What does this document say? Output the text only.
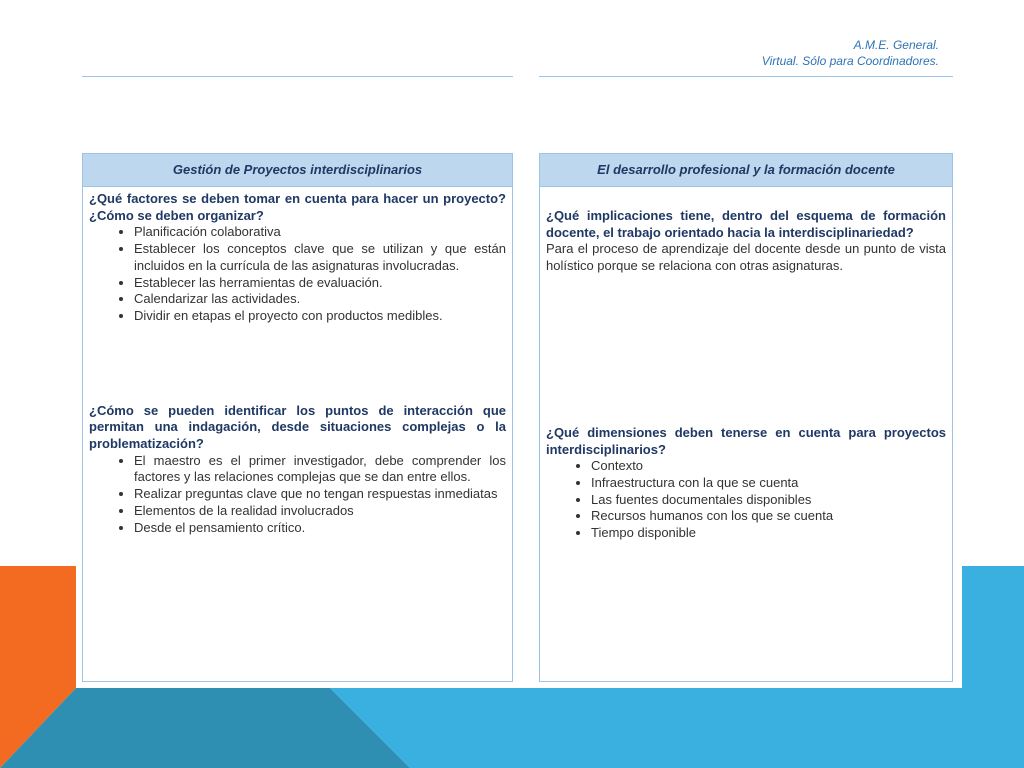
A.M.E. General.
Virtual. Sólo para Coordinadores.
Gestión de Proyectos interdisciplinarios

¿Qué factores se deben tomar en cuenta para hacer un proyecto? ¿Cómo se deben organizar?

• Planificación colaborativa
• Establecer los conceptos clave que se utilizan y que están incluidos en la currícula de las asignaturas involucradas.
• Establecer las herramientas de evaluación.
• Calendarizar las actividades.
• Dividir en etapas el proyecto con productos medibles.

¿Cómo se pueden identificar los puntos de interacción que permitan una indagación, desde situaciones complejas o la problematización?

• El maestro es el primer investigador, debe comprender los factores y las relaciones complejas que se dan entre ellos.
• Realizar preguntas clave que no tengan respuestas inmediatas
• Elementos de la realidad involucrados
• Desde el pensamiento crítico.
El desarrollo profesional y la formación docente

¿Qué implicaciones tiene, dentro del esquema de formación docente, el trabajo orientado hacia la interdisciplinariedad?

Para el proceso de aprendizaje del docente desde un punto de vista holístico porque se relaciona con otras asignaturas.

¿Qué dimensiones deben tenerse en cuenta para proyectos interdisciplinarios?

• Contexto
• Infraestructura con la que se cuenta
• Las fuentes documentales disponibles
• Recursos humanos con los que se cuenta
• Tiempo disponible
